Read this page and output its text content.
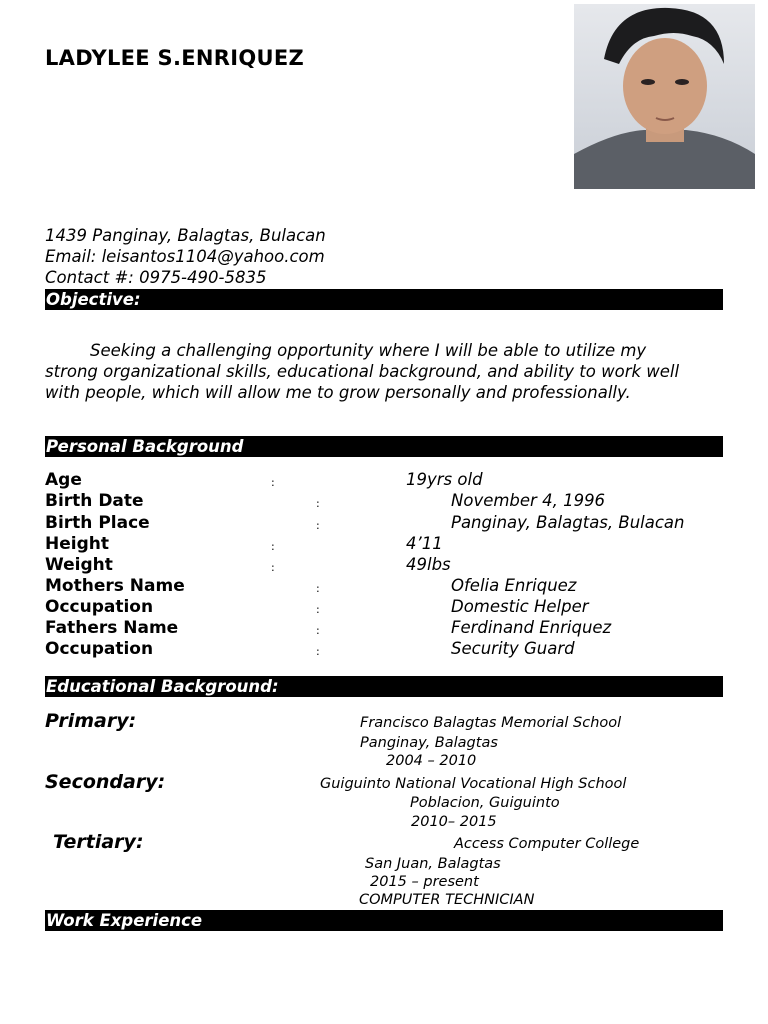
LADYLEE S.ENRIQUEZ
1439 Panginay, Balagtas, Bulacan
Email: leisantos1104@yahoo.com
Contact #: 0975-490-5835
Objective:
Seeking a challenging opportunity where I will be able to utilize my
strong organizational skills, educational background, and ability to work well
with people, which will allow me to grow personally and professionally.
Personal Background
Age	:	19yrs old
Birth Date	:	November 4, 1996
Birth Place	:	Panginay, Balagtas, Bulacan
Height	:	4’11
Weight	:	49lbs
Mothers Name	:	Ofelia Enriquez
Occupation	:	Domestic Helper
Fathers Name	:	Ferdinand Enriquez
Occupation	:	Security Guard
Educational Background:
Primary:	Francisco Balagtas Memorial School
Panginay, Balagtas
2004 – 2010
Secondary:	Guiguinto National Vocational High School
Poblacion, Guiguinto
2010– 2015
Tertiary:	Access Computer College
San Juan, Balagtas
2015 – present
COMPUTER TECHNICIAN
Work Experience
